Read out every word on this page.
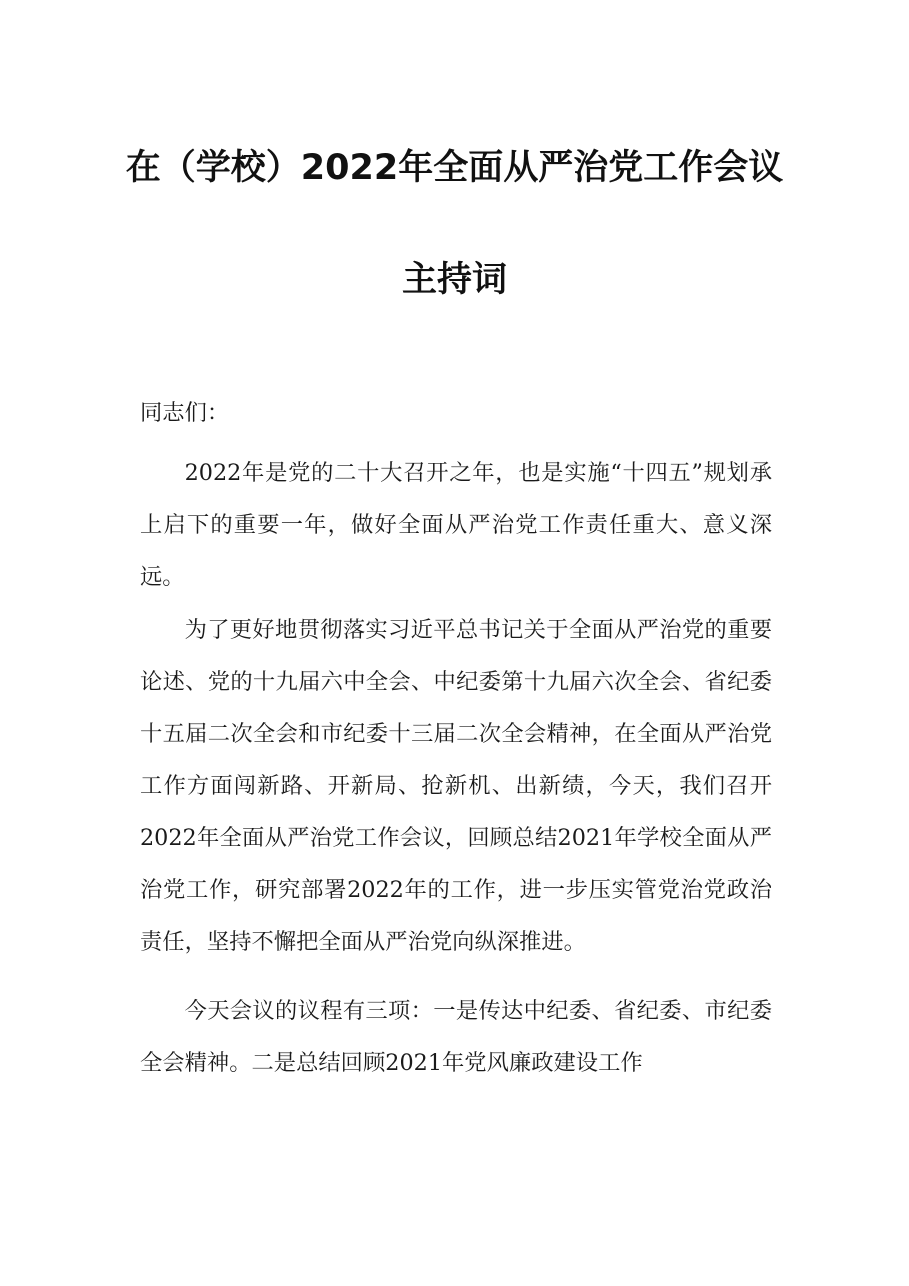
在（学校）2022年全面从严治党工作会议
主持词

同志们：

2022年是党的二十大召开之年，也是实施“十四五”规划承上启下的重要一年，做好全面从严治党工作责任重大、意义深远。

为了更好地贯彻落实习近平总书记关于全面从严治党的重要论述、党的十九届六中全会、中纪委第十九届六次全会、省纪委十五届二次全会和市纪委十三届二次全会精神，在全面从严治党工作方面闯新路、开新局、抢新机、出新绩，今天，我们召开2022年全面从严治党工作会议，回顾总结2021年学校全面从严治党工作，研究部署2022年的工作，进一步压实管党治党政治责任，坚持不懈把全面从严治党向纵深推进。

今天会议的议程有三项：一是传达中纪委、省纪委、市纪委全会精神。二是总结回顾2021年党风廉政建设工作
